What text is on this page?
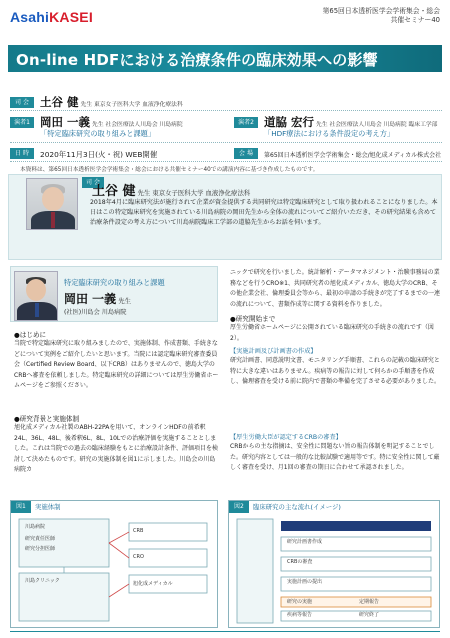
AsahiKASEI	第65回日本透析医学会学術集会・総会
共催セミナー40
On-line HDFにおける治療条件の臨床効果への影響
司 会 土谷 健 先生 東京女子医科大学 血液浄化療法科
演者1 岡田 一義 先生 社会医療法人川島会 川島病院
「特定臨床研究の取り組みと課題」
演者2 道脇 宏行 先生 社会医療法人川島会 川島病院 臨床工学部
「HDF療法における条件設定の考え方」
日 時	2020年11月3日(火・祝) WEB開催	会 場	第65回日本透析医学会学術集会・総会/旭化成メディカル株式会社
本資料は、第65回日本透析医学会学術集会・総会における共催セミナー40での講演内容に基づき作成したものです。
司 会
土谷 健 先生 東京女子医科大学 血液浄化療法科
2018年4月に臨床研究法が施行されて企業が資金提供する共同研究は特定臨床研究として取り扱われることになりました。本日はこの特定臨床研究を実施されている川島病院の岡田先生から全体の流れについてご紹介いただき、その研究結果も含めて治療条件設定の考え方について川島病院臨床工学部の道脇先生からお話を伺います。
特定臨床研究の取り組みと課題
岡田 一義 先生
(社医)川島会 川島病院
●はじめに
当院で特定臨床研究に取り組みましたので、実施体制、作成書類、手続きなどについて実例をご紹介したいと思います。当院には認定臨床研究審査委員会（Certified Review Board、以下CRB）はありませんので、徳島大学のCRBへ審査を依頼しました。特定臨床研究の詳細については厚生労働省ホームページをご参照ください。
●研究背景と実施体制
旭化成メディカル社製のABH-22PAを用いて、オンラインHDFの前希釈24L、36L、48L、後希釈6L、8L、10Lでの治療評価を実施することとしました。これは当院での過去の臨床経験をもとに治療設計条件、評価項目を検討して決めたものです。研究の実施体制を図1に示しました。川島会の川島病院カ
ニックで研究を行いました。統計解析・データマネジメント・治験事務局の業務などを行うCRO※1、共同研究者の旭化成メディカル、徳島大学のCRB、その他企業会社、倫理委員会等から、最初の申請の手続きが完了するまでの一連の流れについて、書類作成等に関する資料を作りました。
●研究開始まで
厚生労働省ホームページに公開されている臨床研究の手続きの流れです（図2）。
【実施計画及び計画書の作成】
研究計画書、同意説明文書、モニタリング手順書、これらの記載の臨床研究と特に大きな違いはありません。疾病等の報告に対して何らかの手順書を作成し、倫理審査を受ける前に院内で書類の準備を完了させる必要がありました。
【厚生労働大臣が認定するCRBの審査】
CRBからの主な指摘は、安全性に問題ない旨の報告体制を明記することでした。研究内容としては一般的な比較試験で適用等です。特に安全性に関して厳しく審査を受け、月1回の審査の期日に合わせて承認されました。
図1	実施体制
川島病院
研究責任医師
研究分担医師
川島クリニック
CRB
CRO
旭化成メディカル
図2	臨床研究の主な流れ(イメージ)
研究計画書作成
CRBの審査
実施計画の提出
研究の実施
疾病等報告
定期報告
研究終了
